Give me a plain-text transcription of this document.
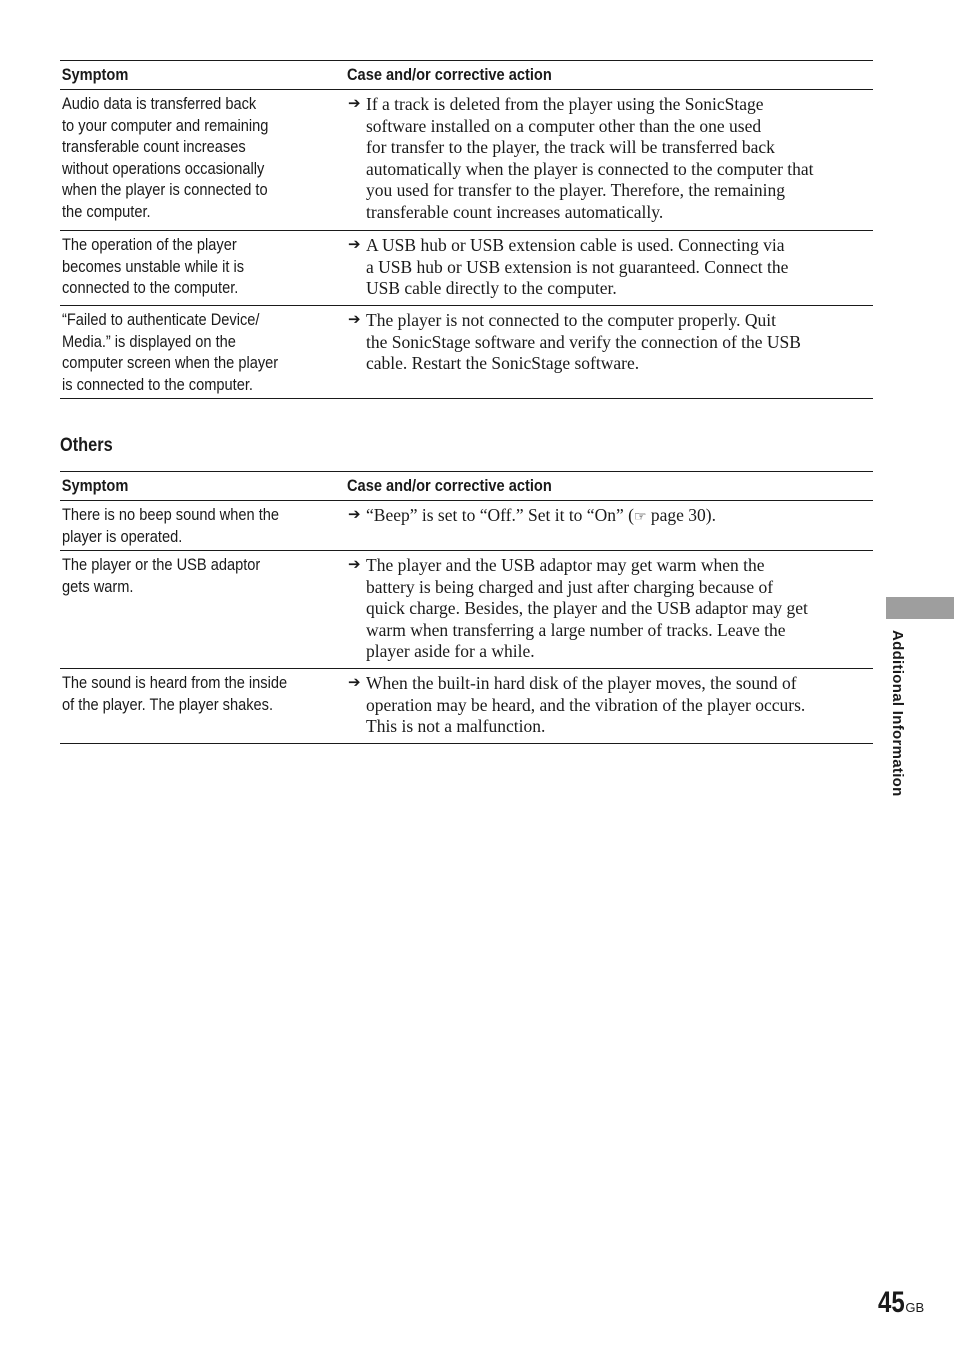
Symptom	Case and/or corrective action
Audio data is transferred back
to your computer and remaining
transferable count increases
without operations occasionally
when the player is connected to
the computer.
➔ If a track is deleted from the player using the SonicStage
software installed on a computer other than the one used
for transfer to the player, the track will be transferred back
automatically when the player is connected to the computer that
you used for transfer to the player. Therefore, the remaining
transferable count increases automatically.
The operation of the player
becomes unstable while it is
connected to the computer.
➔ A USB hub or USB extension cable is used. Connecting via
a USB hub or USB extension is not guaranteed. Connect the
USB cable directly to the computer.
“Failed to authenticate Device/
Media.” is displayed on the
computer screen when the player
is connected to the computer.
➔ The player is not connected to the computer properly. Quit
the SonicStage software and verify the connection of the USB
cable. Restart the SonicStage software.
Others
Symptom	Case and/or corrective action
There is no beep sound when the
player is operated.
➔ “Beep” is set to “Off.” Set it to “On” (☞ page 30).
The player or the USB adaptor
gets warm.
➔ The player and the USB adaptor may get warm when the
battery is being charged and just after charging because of
quick charge. Besides, the player and the USB adaptor may get
warm when transferring a large number of tracks. Leave the
player aside for a while.
The sound is heard from the inside
of the player. The player shakes.
➔ When the built-in hard disk of the player moves, the sound of
operation may be heard, and the vibration of the player occurs.
This is not a malfunction.	Additional Information
45GB
